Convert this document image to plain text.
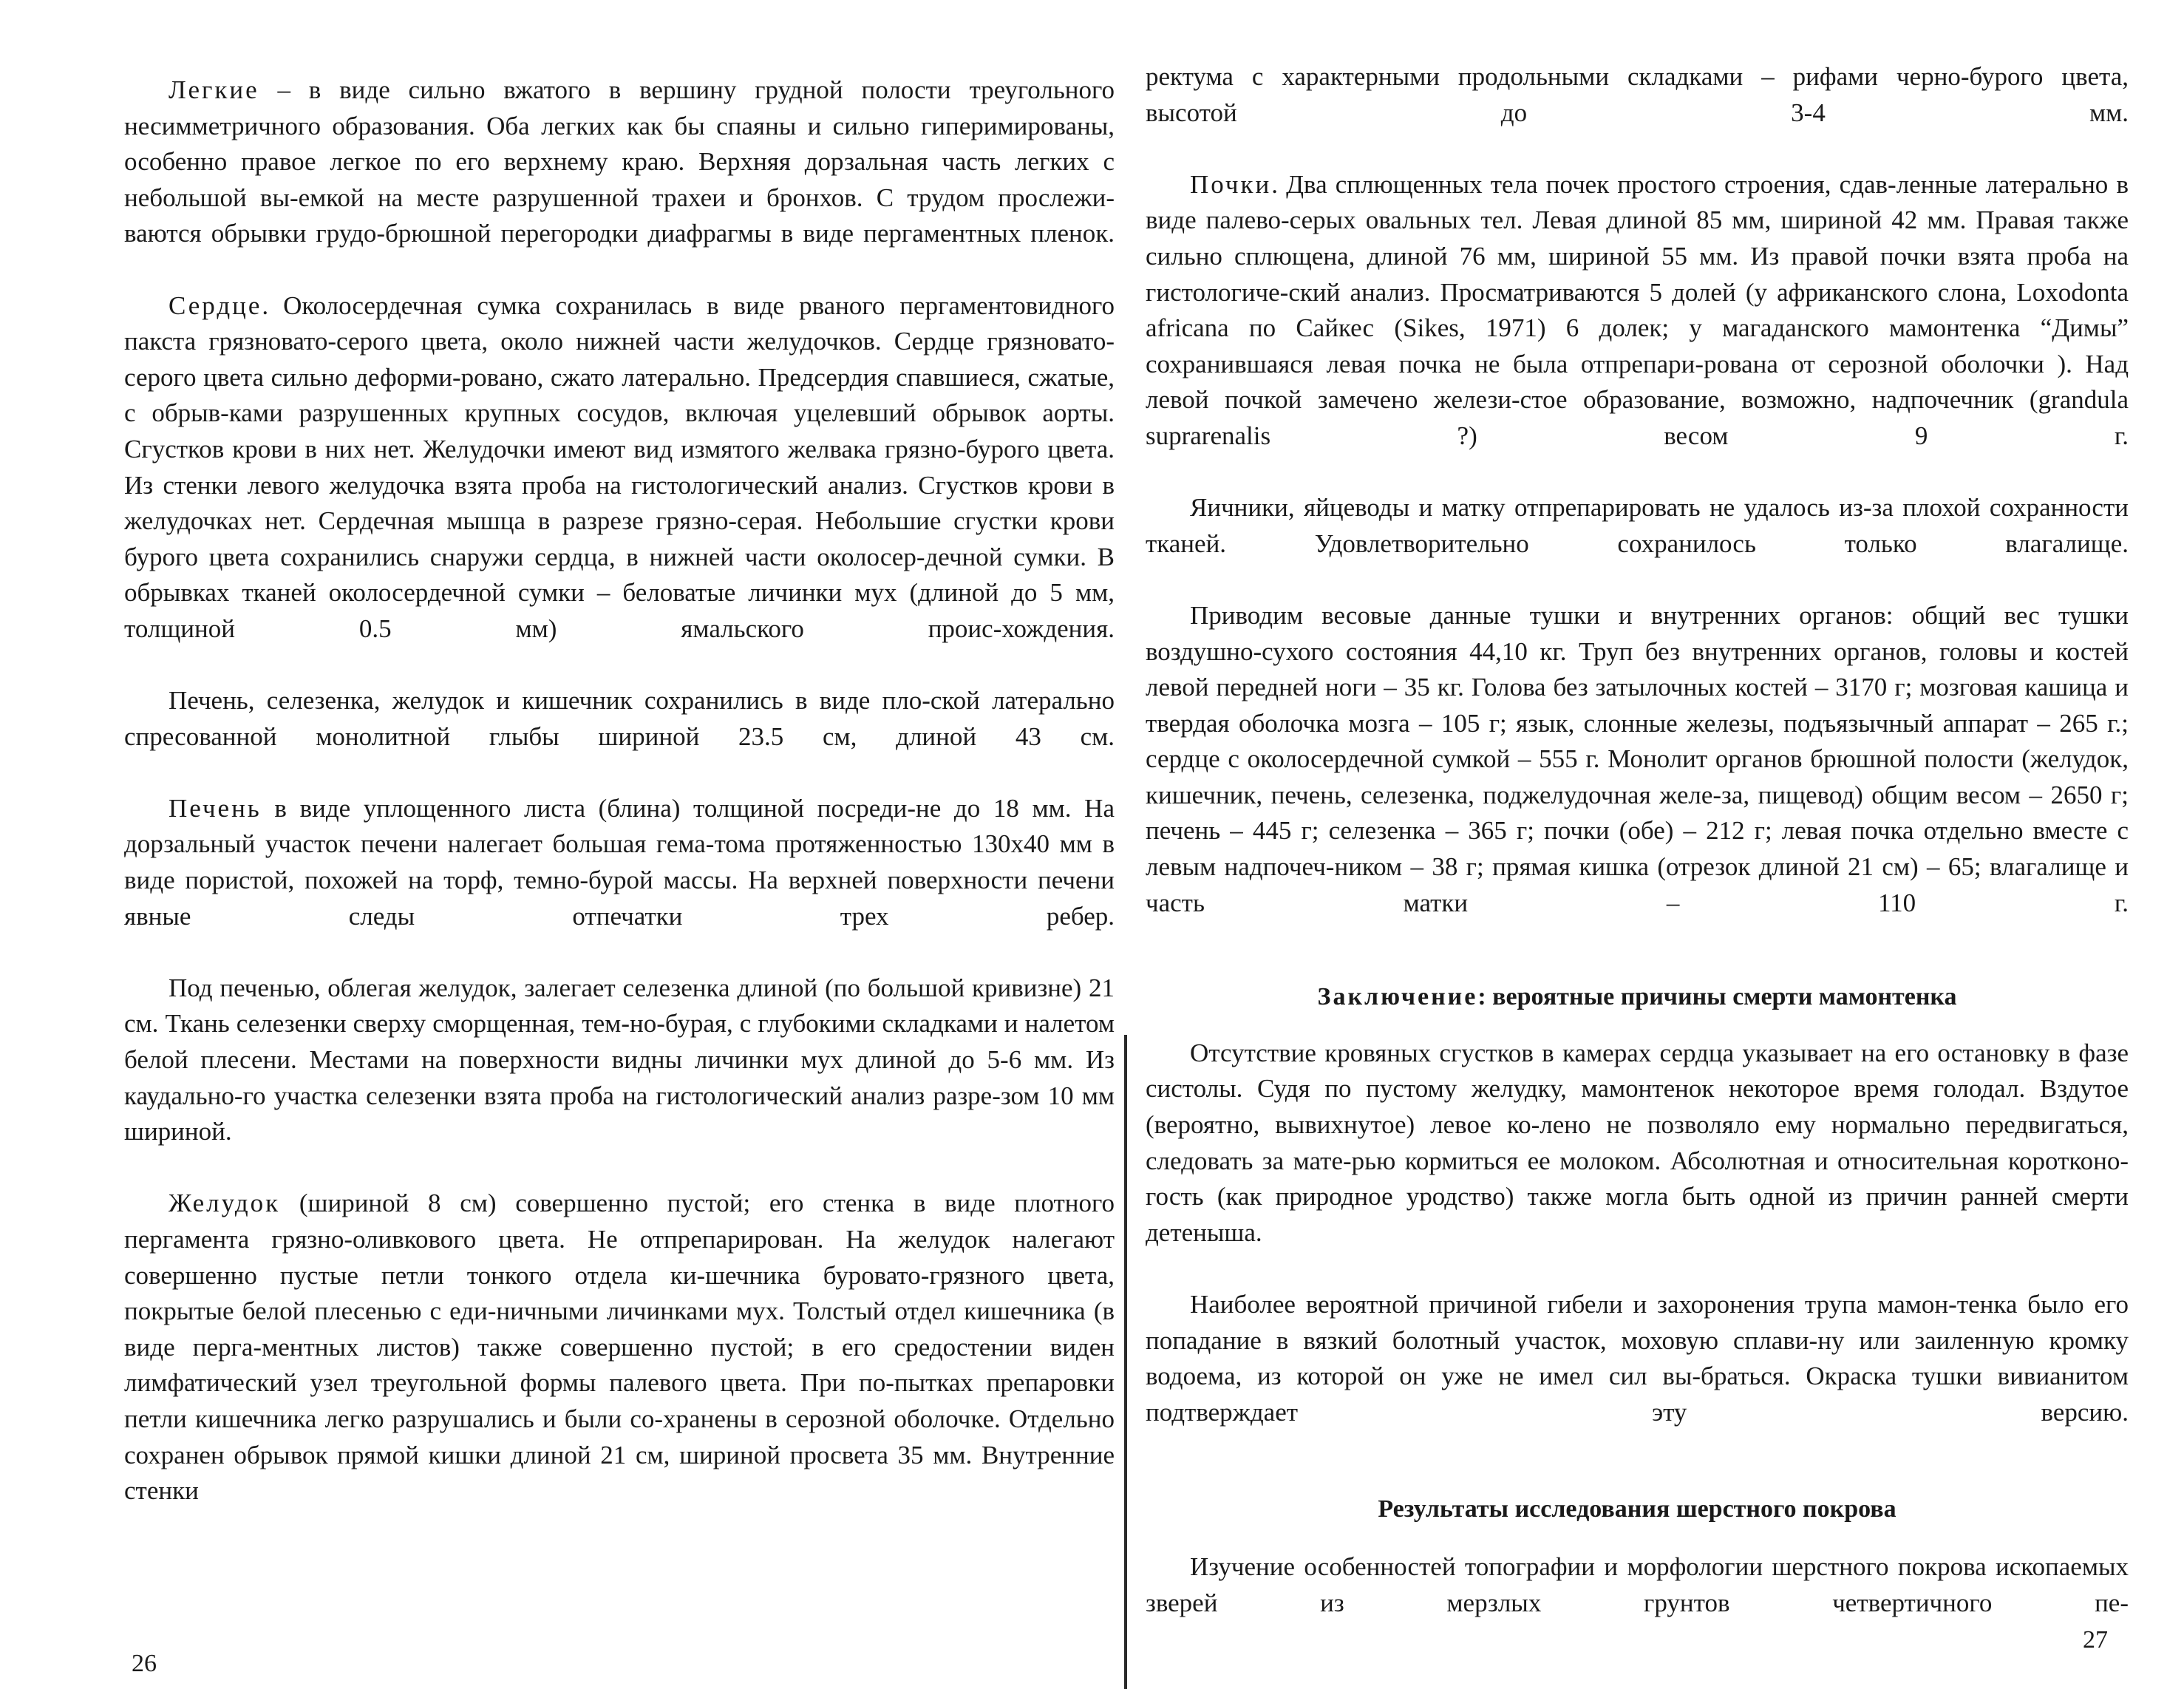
Легкие – в виде сильно вжатого в вершину грудной полости треугольного несимметричного образования. Оба легких как бы спаяны и сильно гиперимированы, особенно правое легкое по его верхнему краю. Верхняя дорзальная часть легких с небольшой вы-емкой на месте разрушенной трахеи и бронхов. С трудом прослежи-ваются обрывки грудо-брюшной перегородки диафрагмы в виде пергаментных пленок.

Сердце. Околосердечная сумка сохранилась в виде рваного пергаментовидного пакста грязновато-серого цвета, около нижней части желудочков. Сердце грязновато-серого цвета сильно деформи-ровано, сжато латерально. Предсердия спавшиеся, сжатые, с обрыв-ками разрушенных крупных сосудов, включая уцелевший обрывок аорты. Сгустков крови в них нет. Желудочки имеют вид измятого желвака грязно-бурого цвета. Из стенки левого желудочка взята проба на гистологический анализ. Сгустков крови в желудочках нет. Сердечная мышца в разрезе грязно-серая. Небольшие сгустки крови бурого цвета сохранились снаружи сердца, в нижней части околосер-дечной сумки. В обрывках тканей околосердечной сумки – беловатые личинки мух (длиной до 5 мм, толщиной 0.5 мм) ямальского проис-хождения.

Печень, селезенка, желудок и кишечник сохранились в виде пло-ской латерально спресованной монолитной глыбы шириной 23.5 см, длиной 43 см.

Печень в виде уплощенного листа (блина) толщиной посреди-не до 18 мм. На дорзальный участок печени налегает большая гема-тома протяженностью 130х40 мм в виде пористой, похожей на торф, темно-бурой массы. На верхней поверхности печени явные следы отпечатки трех ребер.

Под печенью, облегая желудок, залегает селезенка длиной (по большой кривизне) 21 см. Ткань селезенки сверху сморщенная, тем-но-бурая, с глубокими складками и налетом белой плесени. Местами на поверхности видны личинки мух длиной до 5-6 мм. Из каудально-го участка селезенки взята проба на гистологический анализ разре-зом 10 мм шириной.

Желудок (шириной 8 см) совершенно пустой; его стенка в виде плотного пергамента грязно-оливкового цвета. Не отпрепарирован. На желудок налегают совершенно пустые петли тонкого отдела ки-шечника буровато-грязного цвета, покрытые белой плесенью с еди-ничными личинками мух. Толстый отдел кишечника (в виде перга-ментных листов) также совершенно пустой; в его средостении виден лимфатический узел треугольной формы палевого цвета. При по-пытках препаровки петли кишечника легко разрушались и были со-хранены в серозной оболочке. Отдельно сохранен обрывок прямой кишки длиной 21 см, шириной просвета 35 мм. Внутренние стенки

26

ректума с характерными продольными складками – рифами черно-бурого цвета, высотой до 3-4 мм.

Почки. Два сплющенных тела почек простого строения, сдав-ленные латерально в виде палево-серых овальных тел. Левая длиной 85 мм, шириной 42 мм. Правая также сильно сплющена, длиной 76 мм, шириной 55 мм. Из правой почки взята проба на гистологиче-ский анализ. Просматриваются 5 долей (у африканского слона, Loxodonta africana по Сайкес (Sikes, 1971) 6 долек; у магаданского мамонтенка “Димы” сохранившаяся левая почка не была отпрепари-рована от серозной оболочки ). Над левой почкой замечено желези-стое образование, возможно, надпочечник (grandula suprarenalis ?) весом 9 г.

Яичники, яйцеводы и матку отпрепарировать не удалось из-за плохой сохранности тканей. Удовлетворительно сохранилось только влагалище.

Приводим весовые данные тушки и внутренних органов: общий вес тушки воздушно-сухого состояния 44,10 кг. Труп без внутренних органов, головы и костей левой передней ноги – 35 кг. Голова без затылочных костей – 3170 г; мозговая кашица и твердая оболочка мозга – 105 г; язык, слонные железы, подъязычный аппарат – 265 г.; сердце с околосердечной сумкой – 555 г. Монолит органов брюшной полости (желудок, кишечник, печень, селезенка, поджелудочная желе-за, пищевод) общим весом – 2650 г; печень – 445 г; селезенка – 365 г; почки (обе) – 212 г; левая почка отдельно вместе с левым надпочеч-ником – 38 г; прямая кишка (отрезок длиной 21 см) – 65; влагалище и часть матки – 110 г.

Заключение: вероятные причины смерти мамонтенка

Отсутствие кровяных сгустков в камерах сердца указывает на его остановку в фазе систолы. Судя по пустому желудку, мамонтенок некоторое время голодал. Вздутое (вероятно, вывихнутое) левое ко-лено не позволяло ему нормально передвигаться, следовать за мате-рью кормиться ее молоком. Абсолютная и относительная коротконо-гость (как природное уродство) также могла быть одной из причин ранней смерти детеныша.

Наиболее вероятной причиной гибели и захоронения трупа мамон-тенка было его попадание в вязкий болотный участок, моховую сплави-ну или заиленную кромку водоема, из которой он уже не имел сил вы-браться. Окраска тушки вивианитом подтверждает эту версию.

Результаты исследования шерстного покрова

Изучение особенностей топографии и морфологии шерстного покрова ископаемых зверей из мерзлых грунтов четвертичного пе-

27
